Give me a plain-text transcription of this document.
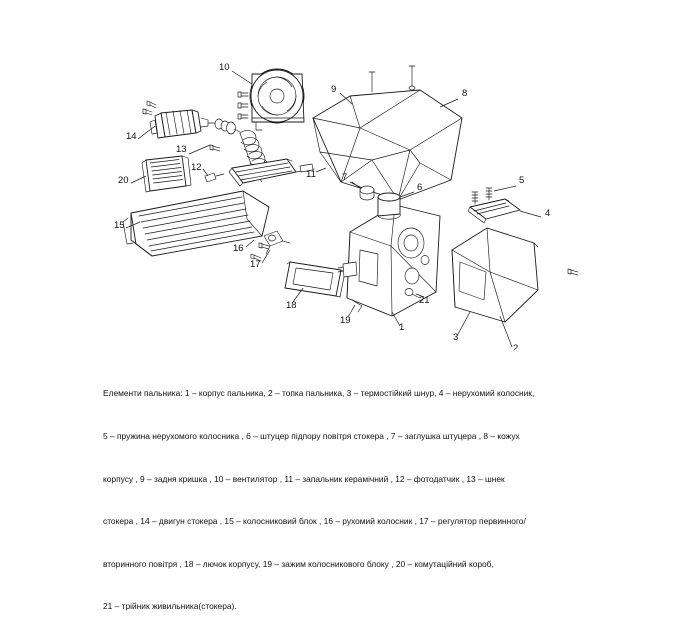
1
2
3
4
5
6
7
8
9
10
11
12
13
14
15
16
17
18
19
20
21

Елементи пальника: 1 – корпус пальника, 2 – топка пальника, 3 – термостійкий шнур, 4 – нерухомий колосник,

5 – пружина нерухомого колосника , 6 – штуцер підпору повітря стокера , 7 – заглушка штуцера , 8 – кожух

корпусу , 9 – задня кришка , 10 – вентилятор , 11 – запальник керамічний , 12 – фотодатчик , 13 – шнек

стокера , 14 – двигун стокера , 15 – колосниковий блок , 16 – рухомий колосник , 17 – регулятор первинного/

вторинного повітря , 18 – лючок корпусу, 19 – зажим колосникового блоку , 20 – комутаційний короб,

21 – трійник живильника(стокера).
